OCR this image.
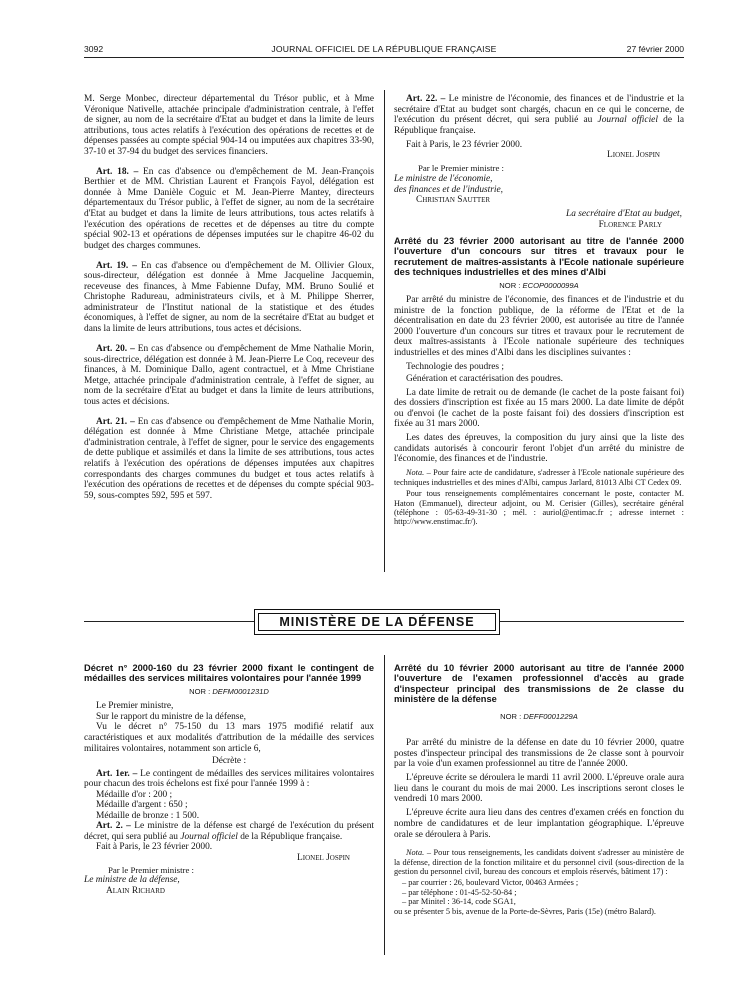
3092	JOURNAL OFFICIEL DE LA RÉPUBLIQUE FRANÇAISE	27 février 2000

M. Serge Monbec, directeur départemental du Trésor public, et à Mme Véronique Nativelle, attachée principale d'administration centrale, à l'effet de signer, au nom de la secrétaire d'Etat au budget et dans la limite de leurs attributions, tous actes relatifs à l'exécution des opérations de recettes et de dépenses passées au compte spécial 904-14 ou imputées aux chapitres 33-90, 37-10 et 37-94 du budget des services financiers.

Art. 18. – En cas d'absence ou d'empêchement de M. Jean-François Berthier et de MM. Christian Laurent et François Fayol, délégation est donnée à Mme Danièle Coguic et M. Jean-Pierre Mantey, directeurs départementaux du Trésor public, à l'effet de signer, au nom de la secrétaire d'Etat au budget et dans la limite de leurs attributions, tous actes relatifs à l'exécution des opérations de recettes et de dépenses au titre du compte spécial 902-13 et opérations de dépenses imputées sur le chapitre 46-02 du budget des charges communes.

Art. 19. – En cas d'absence ou d'empêchement de M. Ollivier Gloux, sous-directeur, délégation est donnée à Mme Jacqueline Jacquemin, receveuse des finances, à Mme Fabienne Dufay, MM. Bruno Soulié et Christophe Radureau, administrateurs civils, et à M. Philippe Sherrer, administrateur de l'Institut national de la statistique et des études économiques, à l'effet de signer, au nom de la secrétaire d'Etat au budget et dans la limite de leurs attributions, tous actes et décisions.

Art. 20. – En cas d'absence ou d'empêchement de Mme Nathalie Morin, sous-directrice, délégation est donnée à M. Jean-Pierre Le Coq, receveur des finances, à M. Dominique Dallo, agent contractuel, et à Mme Christiane Metge, attachée principale d'administration centrale, à l'effet de signer, au nom de la secrétaire d'Etat au budget et dans la limite de leurs attributions, tous actes et décisions.

Art. 21. – En cas d'absence ou d'empêchement de Mme Nathalie Morin, délégation est donnée à Mme Christiane Metge, attachée principale d'administration centrale, à l'effet de signer, pour le service des engagements de dette publique et assimilés et dans la limite de ses attributions, tous actes relatifs à l'exécution des opérations de dépenses imputées aux chapitres correspondants des charges communes du budget et tous actes relatifs à l'exécution des opérations de recettes et de dépenses du compte spécial 903-59, sous-comptes 592, 595 et 597.

Art. 22. – Le ministre de l'économie, des finances et de l'industrie et la secrétaire d'Etat au budget sont chargés, chacun en ce qui le concerne, de l'exécution du présent décret, qui sera publié au Journal officiel de la République française.

Fait à Paris, le 23 février 2000.

Lionel Jospin

Par le Premier ministre :

Le ministre de l'économie,

des finances et de l'industrie,

Christian Sautter

La secrétaire d'Etat au budget,

Florence Parly

Arrêté du 23 février 2000 autorisant au titre de l'année 2000 l'ouverture d'un concours sur titres et travaux pour le recrutement de maîtres-assistants à l'Ecole nationale supérieure des techniques industrielles et des mines d'Albi

NOR : ECOP0000099A

Par arrêté du ministre de l'économie, des finances et de l'industrie et du ministre de la fonction publique, de la réforme de l'Etat et de la décentralisation en date du 23 février 2000, est autorisée au titre de l'année 2000 l'ouverture d'un concours sur titres et travaux pour le recrutement de deux maîtres-assistants à l'Ecole nationale supérieure des techniques industrielles et des mines d'Albi dans les disciplines suivantes :

Technologie des poudres ;

Génération et caractérisation des poudres.

La date limite de retrait ou de demande (le cachet de la poste faisant foi) des dossiers d'inscription est fixée au 15 mars 2000. La date limite de dépôt ou d'envoi (le cachet de la poste faisant foi) des dossiers d'inscription est fixée au 31 mars 2000.

Les dates des épreuves, la composition du jury ainsi que la liste des candidats autorisés à concourir feront l'objet d'un arrêté du ministre de l'économie, des finances et de l'industrie.

Nota. – Pour faire acte de candidature, s'adresser à l'Ecole nationale supérieure des techniques industrielles et des mines d'Albi, campus Jarlard, 81013 Albi CT Cedex 09.

Pour tous renseignements complémentaires concernant le poste, contacter M. Haton (Emmanuel), directeur adjoint, ou M. Cerisier (Gilles), secrétaire général (téléphone : 05-63-49-31-30 ; mél. : auriol@entimac.fr ; adresse internet : http://www.enstimac.fr/).

MINISTÈRE DE LA DÉFENSE

Décret n° 2000-160 du 23 février 2000 fixant le contingent de médailles des services militaires volontaires pour l'année 1999

NOR : DEFM0001231D

Le Premier ministre,

Sur le rapport du ministre de la défense,

Vu le décret n° 75-150 du 13 mars 1975 modifié relatif aux caractéristiques et aux modalités d'attribution de la médaille des services militaires volontaires, notamment son article 6,

Décrète :

Art. 1er. – Le contingent de médailles des services militaires volontaires pour chacun des trois échelons est fixé pour l'année 1999 à :

Médaille d'or : 200 ;

Médaille d'argent : 650 ;

Médaille de bronze : 1 500.

Art. 2. – Le ministre de la défense est chargé de l'exécution du présent décret, qui sera publié au Journal officiel de la République française.

Fait à Paris, le 23 février 2000.

Lionel Jospin

Par le Premier ministre :

Le ministre de la défense,

Alain Richard

Arrêté du 10 février 2000 autorisant au titre de l'année 2000 l'ouverture de l'examen professionnel d'accès au grade d'inspecteur principal des transmissions de 2e classe du ministère de la défense

NOR : DEFF0001229A

Par arrêté du ministre de la défense en date du 10 février 2000, quatre postes d'inspecteur principal des transmissions de 2e classe sont à pourvoir par la voie d'un examen professionnel au titre de l'année 2000.

L'épreuve écrite se déroulera le mardi 11 avril 2000. L'épreuve orale aura lieu dans le courant du mois de mai 2000. Les inscriptions seront closes le vendredi 10 mars 2000.

L'épreuve écrite aura lieu dans des centres d'examen créés en fonction du nombre de candidatures et de leur implantation géographique. L'épreuve orale se déroulera à Paris.

Nota. – Pour tous renseignements, les candidats doivent s'adresser au ministère de la défense, direction de la fonction militaire et du personnel civil (sous-direction de la gestion du personnel civil, bureau des concours et emplois réservés, bâtiment 17) :

– par courrier : 26, boulevard Victor, 00463 Armées ;

– par téléphone : 01-45-52-50-84 ;

– par Minitel : 36-14, code SGA1,

ou se présenter 5 bis, avenue de la Porte-de-Sèvres, Paris (15e) (métro Balard).
